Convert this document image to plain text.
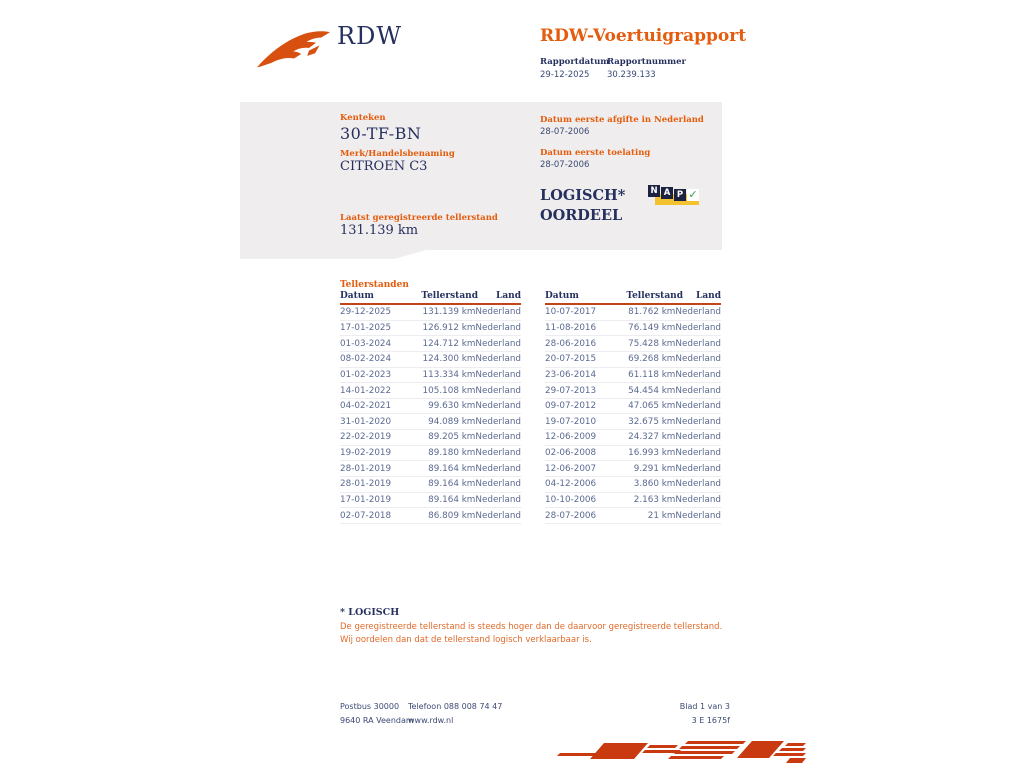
RDW	RDW-Voertuigrapport
Rapportdatum
29-12-2025
Rapportnummer
30.239.133
Kenteken
30-TF-BN
Merk/Handelsbenaming
CITROEN C3
Laatst geregistreerde tellerstand
131.139 km
Datum eerste afgifte in Nederland
28-07-2006
Datum eerste toelating
28-07-2006
LOGISCH*
OORDEEL
N A P ✓
Tellerstanden
Datum	Tellerstand	Land
29-12-2025	131.139 km Nederland
17-01-2025	126.912 km Nederland
01-03-2024	124.712 km Nederland
08-02-2024	124.300 km Nederland
01-02-2023	113.334 km Nederland
14-01-2022	105.108 km Nederland
04-02-2021	99.630 km Nederland
31-01-2020	94.089 km Nederland
22-02-2019	89.205 km Nederland
19-02-2019	89.180 km Nederland
28-01-2019	89.164 km Nederland
28-01-2019	89.164 km Nederland
17-01-2019	89.164 km Nederland
02-07-2018	86.809 km Nederland
Datum	Tellerstand	Land
10-07-2017	81.762 km Nederland
11-08-2016	76.149 km Nederland
28-06-2016	75.428 km Nederland
20-07-2015	69.268 km Nederland
23-06-2014	61.118 km Nederland
29-07-2013	54.454 km Nederland
09-07-2012	47.065 km Nederland
19-07-2010	32.675 km Nederland
12-06-2009	24.327 km Nederland
02-06-2008	16.993 km Nederland
12-06-2007	9.291 km Nederland
04-12-2006	3.860 km Nederland
10-10-2006	2.163 km Nederland
28-07-2006	21 km Nederland
* LOGISCH
De geregistreerde tellerstand is steeds hoger dan de daarvoor geregistreerde tellerstand. Wij oordelen dan dat de tellerstand logisch verklaarbaar is.
Postbus 30000
9640 RA Veendam
Telefoon 088 008 74 47
www.rdw.nl
Blad 1 van 3
3 E 1675f
